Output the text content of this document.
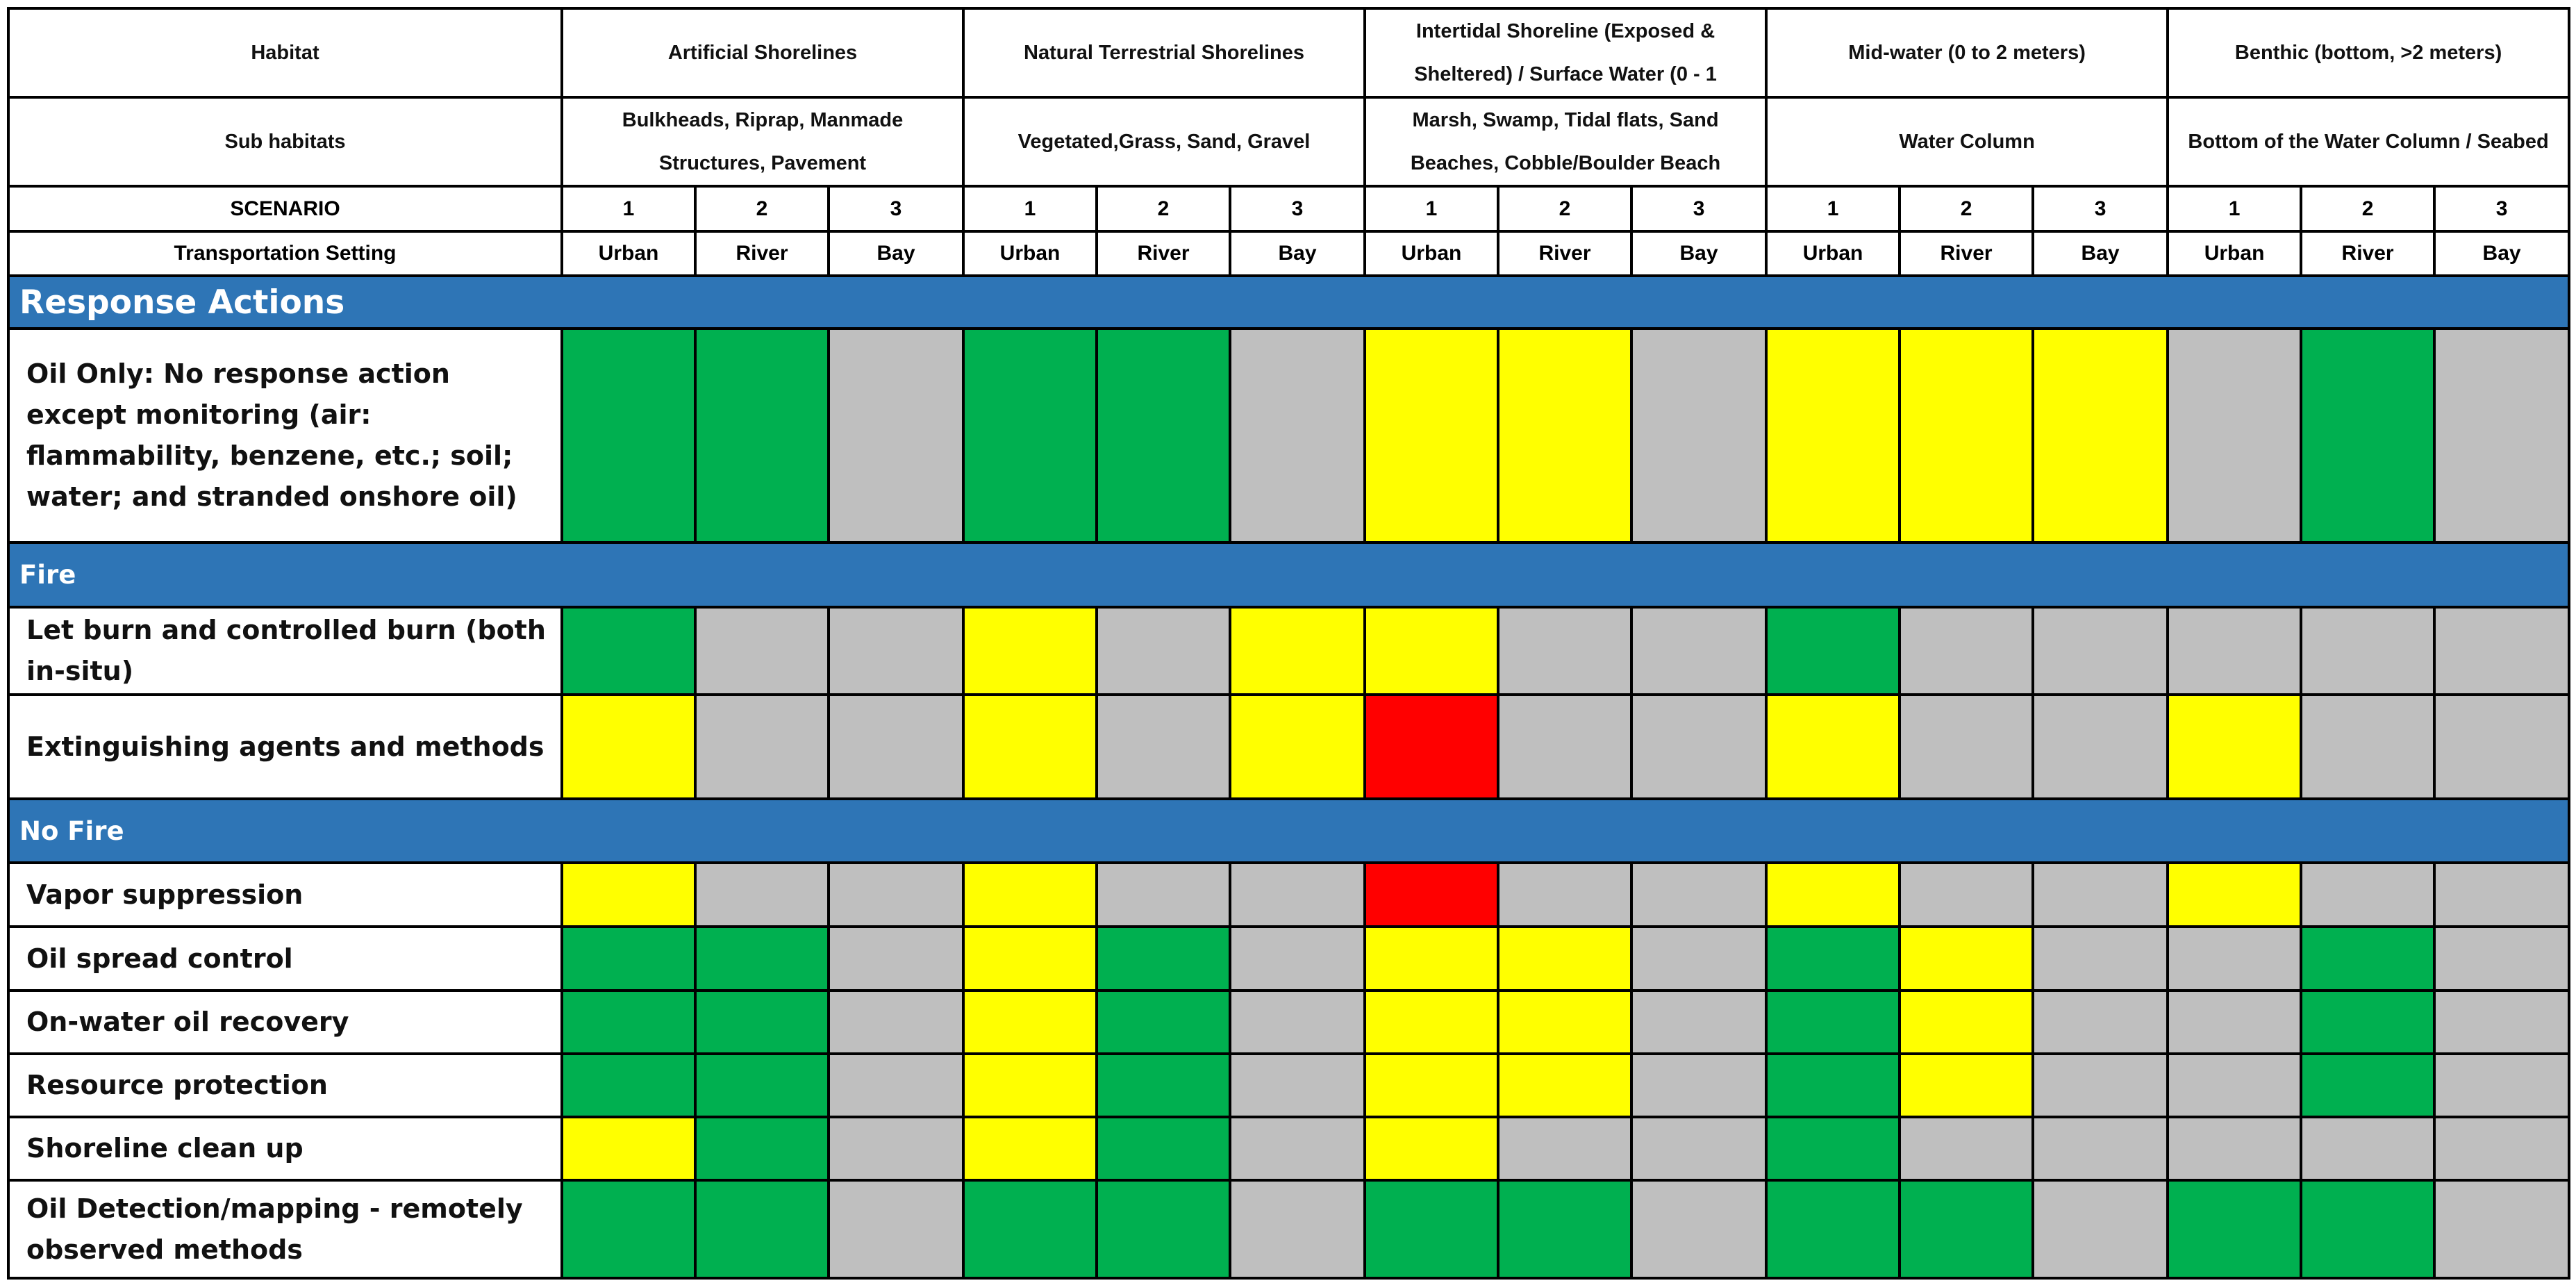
Habitat	Artificial Shorelines			Natural Terrestrial Shorelines			Intertidal Shoreline (Exposed & Sheltered) / Surface Water (0 - 1			Mid-water (0 to 2 meters)			Benthic (bottom, >2 meters)		
Sub habitats	Bulkheads, Riprap, Manmade Structures, Pavement			Vegetated,Grass, Sand, Gravel			Marsh, Swamp, Tidal flats, Sand Beaches, Cobble/Boulder Beach			Water Column			Bottom of the Water Column / Seabed		
SCENARIO	1	2	3	1	2	3	1	2	3	1	2	3	1	2	3
Transportation Setting	Urban	River	Bay	Urban	River	Bay	Urban	River	Bay	Urban	River	Bay	Urban	River	Bay
Response Actions															
Oil Only: No response action except monitoring (air: flammability, benzene, etc.; soil; water; and stranded onshore oil)															
Fire															
Let burn and controlled burn (both in-situ)															
Extinguishing agents and methods															
No Fire															
Vapor suppression															
Oil spread control															
On-water oil recovery															
Resource protection															
Shoreline clean up															
Oil Detection/mapping - remotely observed methods															
